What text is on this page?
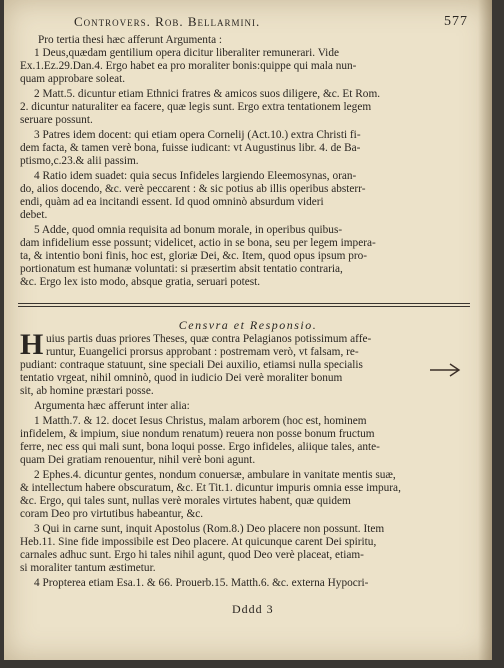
Controvers. Rob. Bellarmini.	577
Pro tertia thesi hæc afferunt Argumenta :
1 Deus,quædam gentilium opera dicitur liberaliter remunerari. Vide
Ex.1.Ez.29.Dan.4. Ergo habet ea pro moraliter bonis:quippe qui mala nun-
quam approbare soleat.
2 Matt.5. dicuntur etiam Ethnici fratres & amicos suos diligere, &c. Et Rom.
2. dicuntur naturaliter ea facere, quæ legis sunt. Ergo extra tentationem legem
seruare possunt.
3 Patres idem docent: qui etiam opera Cornelij (Act.10.) extra Christi fi-
dem facta, & tamen verè bona, fuisse iudicant: vt Augustinus libr. 4. de Ba-
ptismo,c.23.& alii passim.
4 Ratio idem suadet: quia secus Infideles largiendo Eleemosynas, oran-
do, alios docendo, &c. verè peccarent : & sic potius ab illis operibus absterr-
endi, quàm ad ea incitandi essent. Id quod omninò absurdum videri
debet.
5 Adde, quod omnia requisita ad bonum morale, in operibus quibus-
dam infidelium esse possunt; videlicet, actio in se bona, seu per legem impera-
ta, & intentio boni finis, hoc est, gloriæ Dei, &c. Item, quod opus ipsum pro-
portionatum est humanæ voluntati: si præsertim absit tentatio contraria,
&c. Ergo lex isto modo, absque gratia, seruari potest.
Censvra et Responsio.
H uius partis duas priores Theses, quæ contra Pelagianos potissimum affe-
runtur, Euangelici prorsus approbant : postremam verò, vt falsam, re-
pudiant: contraque statuunt, sine speciali Dei auxilio, etiamsi nulla specialis
tentatio vrgeat, nihil omninò, quod in iudicio Dei verè moraliter bonum
sit, ab homine præstari posse.
Argumenta hæc afferunt inter alia:
1 Matth.7. & 12. docet Iesus Christus, malam arborem (hoc est, hominem
infidelem, & impium, siue nondum renatum) reuera non posse bonum fructum
ferre, nec ess qui mali sunt, bona loqui posse. Ergo infideles, aliique tales, ante-
quam Dei gratiam renouentur, nihil verè boni agunt.
2 Ephes.4. dicuntur gentes, nondum conuersæ, ambulare in vanitate mentis suæ,
& intellectum habere obscuratum, &c. Et Tit.1. dicuntur impuris omnia esse impura,
&c. Ergo, qui tales sunt, nullas verè morales virtutes habent, quæ quidem
coram Deo pro virtutibus habeantur, &c.
3 Qui in carne sunt, inquit Apostolus (Rom.8.) Deo placere non possunt. Item
Heb.11. Sine fide impossibile est Deo placere. At quicunque carent Dei spiritu,
carnales adhuc sunt. Ergo hi tales nihil agunt, quod Deo verè placeat, etiam-
si moraliter tantum æstimetur.
4 Propterea etiam Esa.1. & 66. Prouerb.15. Matth.6. &c. externa Hypocri-
Dddd 3
